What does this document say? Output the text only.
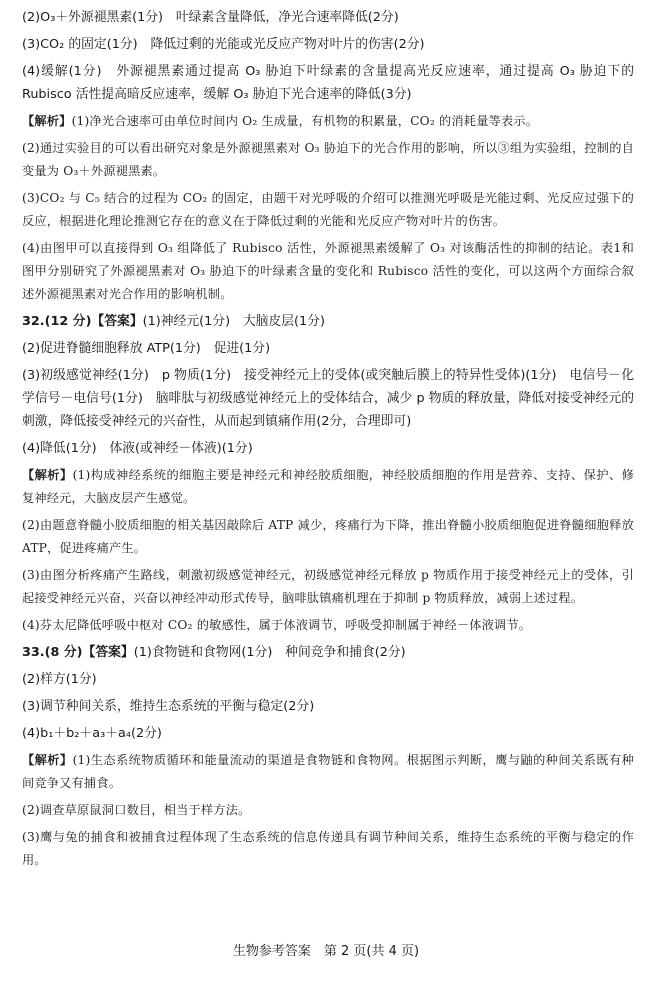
(2)O₃＋外源褪黑素(1分)　叶绿素含量降低，净光合速率降低(2分)

(3)CO₂ 的固定(1分)　降低过剩的光能或光反应产物对叶片的伤害(2分)

(4)缓解(1分)　外源褪黑素通过提高 O₃ 胁迫下叶绿素的含量提高光反应速率，通过提高 O₃ 胁迫下的 Rubisco 活性提高暗反应速率，缓解 O₃ 胁迫下光合速率的降低(3分)

【解析】(1)净光合速率可由单位时间内 O₂ 生成量，有机物的积累量，CO₂ 的消耗量等表示。

(2)通过实验目的可以看出研究对象是外源褪黑素对 O₃ 胁迫下的光合作用的影响，所以③组为实验组，控制的自变量为 O₃＋外源褪黑素。

(3)CO₂ 与 C₅ 结合的过程为 CO₂ 的固定，由题干对光呼吸的介绍可以推测光呼吸是光能过剩、光反应过强下的反应，根据进化理论推测它存在的意义在于降低过剩的光能和光反应产物对叶片的伤害。

(4)由图甲可以直接得到 O₃ 组降低了 Rubisco 活性，外源褪黑素缓解了 O₃ 对该酶活性的抑制的结论。表1和图甲分别研究了外源褪黑素对 O₃ 胁迫下的叶绿素含量的变化和 Rubisco 活性的变化，可以这两个方面综合叙述外源褪黑素对光合作用的影响机制。

32.(12 分)【答案】(1)神经元(1分)　大脑皮层(1分)

(2)促进脊髓细胞释放 ATP(1分)　促进(1分)

(3)初级感觉神经(1分)　p 物质(1分)　接受神经元上的受体(或突触后膜上的特异性受体)(1分)　电信号－化学信号－电信号(1分)　脑啡肽与初级感觉神经元上的受体结合，减少 p 物质的释放量，降低对接受神经元的刺激，降低接受神经元的兴奋性，从而起到镇痛作用(2分，合理即可)

(4)降低(1分)　体液(或神经－体液)(1分)

【解析】(1)构成神经系统的细胞主要是神经元和神经胶质细胞，神经胶质细胞的作用是营养、支持、保护、修复神经元，大脑皮层产生感觉。

(2)由题意脊髓小胶质细胞的相关基因敲除后 ATP 减少，疼痛行为下降，推出脊髓小胶质细胞促进脊髓细胞释放 ATP，促进疼痛产生。

(3)由图分析疼痛产生路线，刺激初级感觉神经元，初级感觉神经元释放 p 物质作用于接受神经元上的受体，引起接受神经元兴奋，兴奋以神经冲动形式传导，脑啡肽镇痛机理在于抑制 p 物质释放，减弱上述过程。

(4)芬太尼降低呼吸中枢对 CO₂ 的敏感性，属于体液调节，呼吸受抑制属于神经－体液调节。

33.(8 分)【答案】(1)食物链和食物网(1分)　种间竞争和捕食(2分)

(2)样方(1分)

(3)调节种间关系，维持生态系统的平衡与稳定(2分)

(4)b₁＋b₂＋a₃＋a₄(2分)

【解析】(1)生态系统物质循环和能量流动的渠道是食物链和食物网。根据图示判断，鹰与鼬的种间关系既有种间竞争又有捕食。

(2)调查草原鼠洞口数目，相当于样方法。

(3)鹰与兔的捕食和被捕食过程体现了生态系统的信息传递具有调节种间关系，维持生态系统的平衡与稳定的作用。

生物参考答案　第 2 页(共 4 页)
